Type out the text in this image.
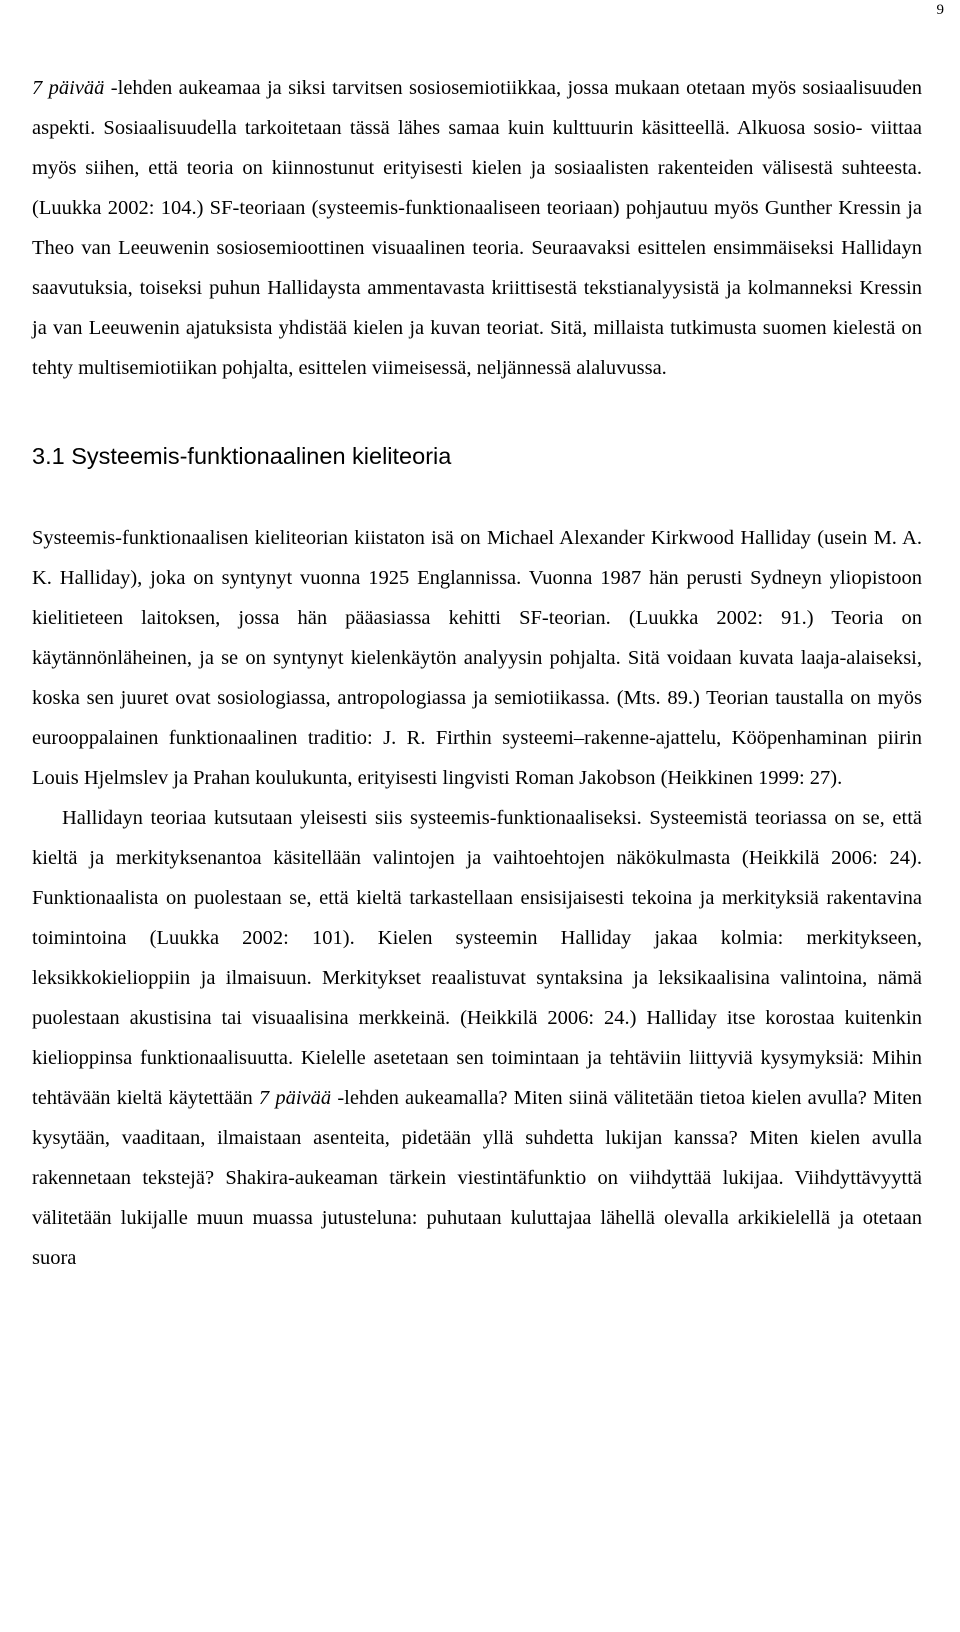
9

7 päivää -lehden aukeamaa ja siksi tarvitsen sosiosemiotiikkaa, jossa mukaan otetaan myös sosiaalisuuden aspekti. Sosiaalisuudella tarkoitetaan tässä lähes samaa kuin kulttuurin käsitteellä. Alkuosa sosio- viittaa myös siihen, että teoria on kiinnostunut erityisesti kielen ja sosiaalisten rakenteiden välisestä suhteesta. (Luukka 2002: 104.) SF-teoriaan (systeemis-funktionaaliseen teoriaan) pohjautuu myös Gunther Kressin ja Theo van Leeuwenin sosiosemioottinen visuaalinen teoria. Seuraavaksi esittelen ensimmäiseksi Hallidayn saavutuksia, toiseksi puhun Hallidaysta ammentavasta kriittisestä tekstianalyysistä ja kolmanneksi Kressin ja van Leeuwenin ajatuksista yhdistää kielen ja kuvan teoriat. Sitä, millaista tutkimusta suomen kielestä on tehty multisemiotiikan pohjalta, esittelen viimeisessä, neljännessä alaluvussa.

3.1 Systeemis-funktionaalinen kieliteoria

Systeemis-funktionaalisen kieliteorian kiistaton isä on Michael Alexander Kirkwood Halliday (usein M. A. K. Halliday), joka on syntynyt vuonna 1925 Englannissa. Vuonna 1987 hän perusti Sydneyn yliopistoon kielitieteen laitoksen, jossa hän pääasiassa kehitti SF-teorian. (Luukka 2002: 91.) Teoria on käytännönläheinen, ja se on syntynyt kielenkäytön analyysin pohjalta. Sitä voidaan kuvata laaja-alaiseksi, koska sen juuret ovat sosiologiassa, antropologiassa ja semiotiikassa. (Mts. 89.) Teorian taustalla on myös eurooppalainen funktionaalinen traditio: J. R. Firthin systeemi–rakenne-ajattelu, Kööpenhaminan piirin Louis Hjelmslev ja Prahan koulukunta, erityisesti lingvisti Roman Jakobson (Heikkinen 1999: 27).

Hallidayn teoriaa kutsutaan yleisesti siis systeemis-funktionaaliseksi. Systeemistä teoriassa on se, että kieltä ja merkityksenantoa käsitellään valintojen ja vaihtoehtojen näkökulmasta (Heikkilä 2006: 24). Funktionaalista on puolestaan se, että kieltä tarkastellaan ensisijaisesti tekoina ja merkityksiä rakentavina toimintoina (Luukka 2002: 101). Kielen systeemin Halliday jakaa kolmia: merkitykseen, leksikkokielioppiin ja ilmaisuun. Merkitykset reaalistuvat syntaksina ja leksikaalisina valintoina, nämä puolestaan akustisina tai visuaalisina merkkeinä. (Heikkilä 2006: 24.) Halliday itse korostaa kuitenkin kielioppinsa funktionaalisuutta. Kielelle asetetaan sen toimintaan ja tehtäviin liittyviä kysymyksiä: Mihin tehtävään kieltä käytettään 7 päivää -lehden aukeamalla? Miten siinä välitetään tietoa kielen avulla? Miten kysytään, vaaditaan, ilmaistaan asenteita, pidetään yllä suhdetta lukijan kanssa? Miten kielen avulla rakennetaan tekstejä? Shakira-aukeaman tärkein viestintäfunktio on viihdyttää lukijaa. Viihdyttävyyttä välitetään lukijalle muun muassa jutusteluna: puhutaan kuluttajaa lähellä olevalla arkikielellä ja otetaan suora
